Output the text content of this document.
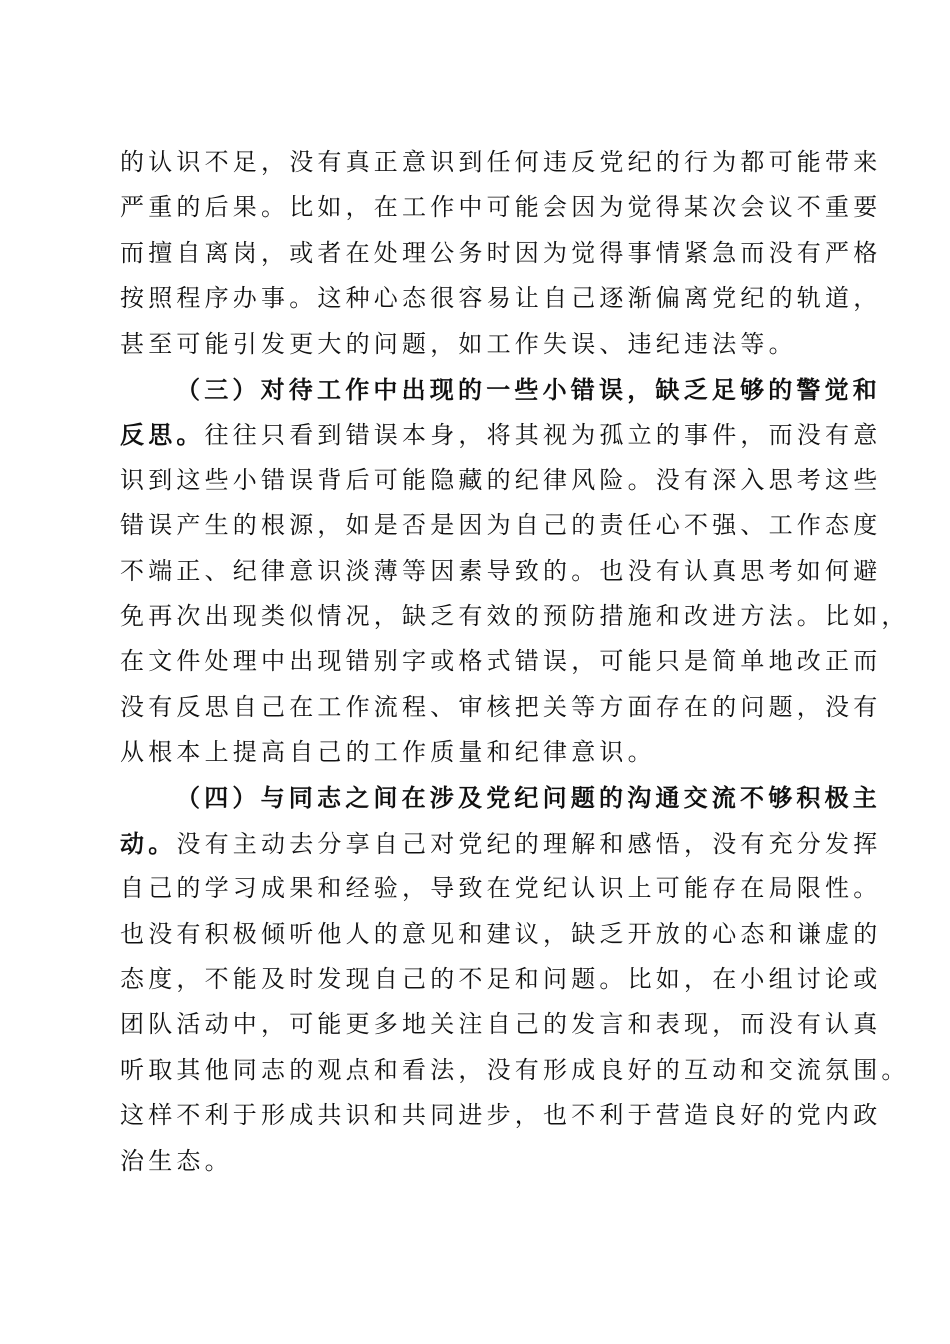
的认识不足，没有真正意识到任何违反党纪的行为都可能带来
严重的后果。比如，在工作中可能会因为觉得某次会议不重要
而擅自离岗，或者在处理公务时因为觉得事情紧急而没有严格
按照程序办事。这种心态很容易让自己逐渐偏离党纪的轨道，
甚至可能引发更大的问题，如工作失误、违纪违法等。
（三）对待工作中出现的一些小错误，缺乏足够的警觉和
反思。往往只看到错误本身，将其视为孤立的事件，而没有意
识到这些小错误背后可能隐藏的纪律风险。没有深入思考这些
错误产生的根源，如是否是因为自己的责任心不强、工作态度
不端正、纪律意识淡薄等因素导致的。也没有认真思考如何避
免再次出现类似情况，缺乏有效的预防措施和改进方法。比如，
在文件处理中出现错别字或格式错误，可能只是简单地改正而
没有反思自己在工作流程、审核把关等方面存在的问题，没有
从根本上提高自己的工作质量和纪律意识。
（四）与同志之间在涉及党纪问题的沟通交流不够积极主
动。没有主动去分享自己对党纪的理解和感悟，没有充分发挥
自己的学习成果和经验，导致在党纪认识上可能存在局限性。
也没有积极倾听他人的意见和建议，缺乏开放的心态和谦虚的
态度，不能及时发现自己的不足和问题。比如，在小组讨论或
团队活动中，可能更多地关注自己的发言和表现，而没有认真
听取其他同志的观点和看法，没有形成良好的互动和交流氛围。
这样不利于形成共识和共同进步，也不利于营造良好的党内政
治生态。
